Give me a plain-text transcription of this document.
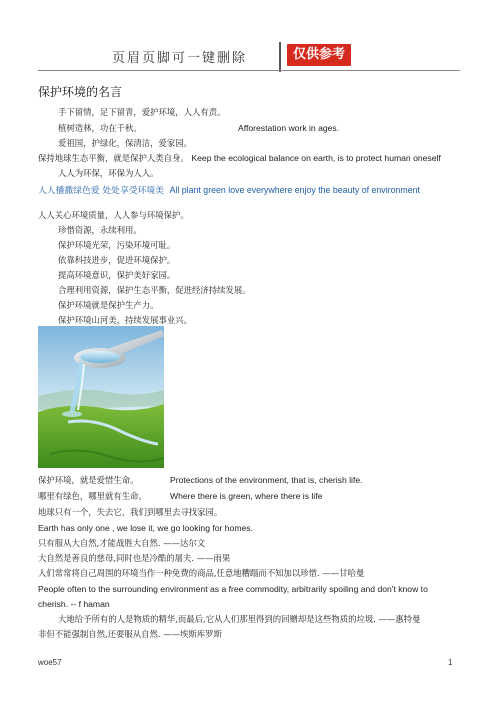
页眉页脚可一键删除	仅供参考
保护环境的名言
手下留情，足下留青，爱护环境，人人有责。
植树造林，功在千秋。	Afforestation work in ages.
爱祖国，护绿化，保清洁，爱家园。
保持地球生态平衡，就是保护人类自身。 Keep the ecological balance on earth, is to protect human oneself
人人为环保，环保为人人。
人人播撒绿色爱 处处享受环境美 All plant green love everywhere enjoy the beauty of environment
人人关心环境质量，人人参与环境保护。
珍惜资源，永续利用。
保护环境光荣，污染环境可耻。
依靠科技进步，促进环境保护。
提高环境意识，保护美好家园。
合理利用资源，保护生态平衡，促进经济持续发展。
保护环境就是保护生产力。
保护环境山河美，持续发展事业兴。
保护环境，就是爱惜生命。	Protections of the environment, that is, cherish life.
哪里有绿色，哪里就有生命。	Where there is green, where there is life
地球只有一个，失去它，我们到哪里去寻找家园。
Earth has only one , we lose it, we go looking for homes.
只有服从大自然,才能战胜大自然. ——达尔文
大自然是善良的慈母,同时也是冷酷的屠夫. ——雨果
人们常常将自己周围的环境当作一种免费的商品,任意地糟蹋而不知加以珍惜. ——甘哈曼
People often to the surrounding environment as a free commodity, arbitrarily spoiling and don't know to
cherish. -- f haman
大地给予所有的人是物质的精华,而最后,它从人们那里得到的回赠却是这些物质的垃圾. ——惠特曼
非但不能强制自然,还要服从自然. ——埃斯库罗斯
woe57	1
